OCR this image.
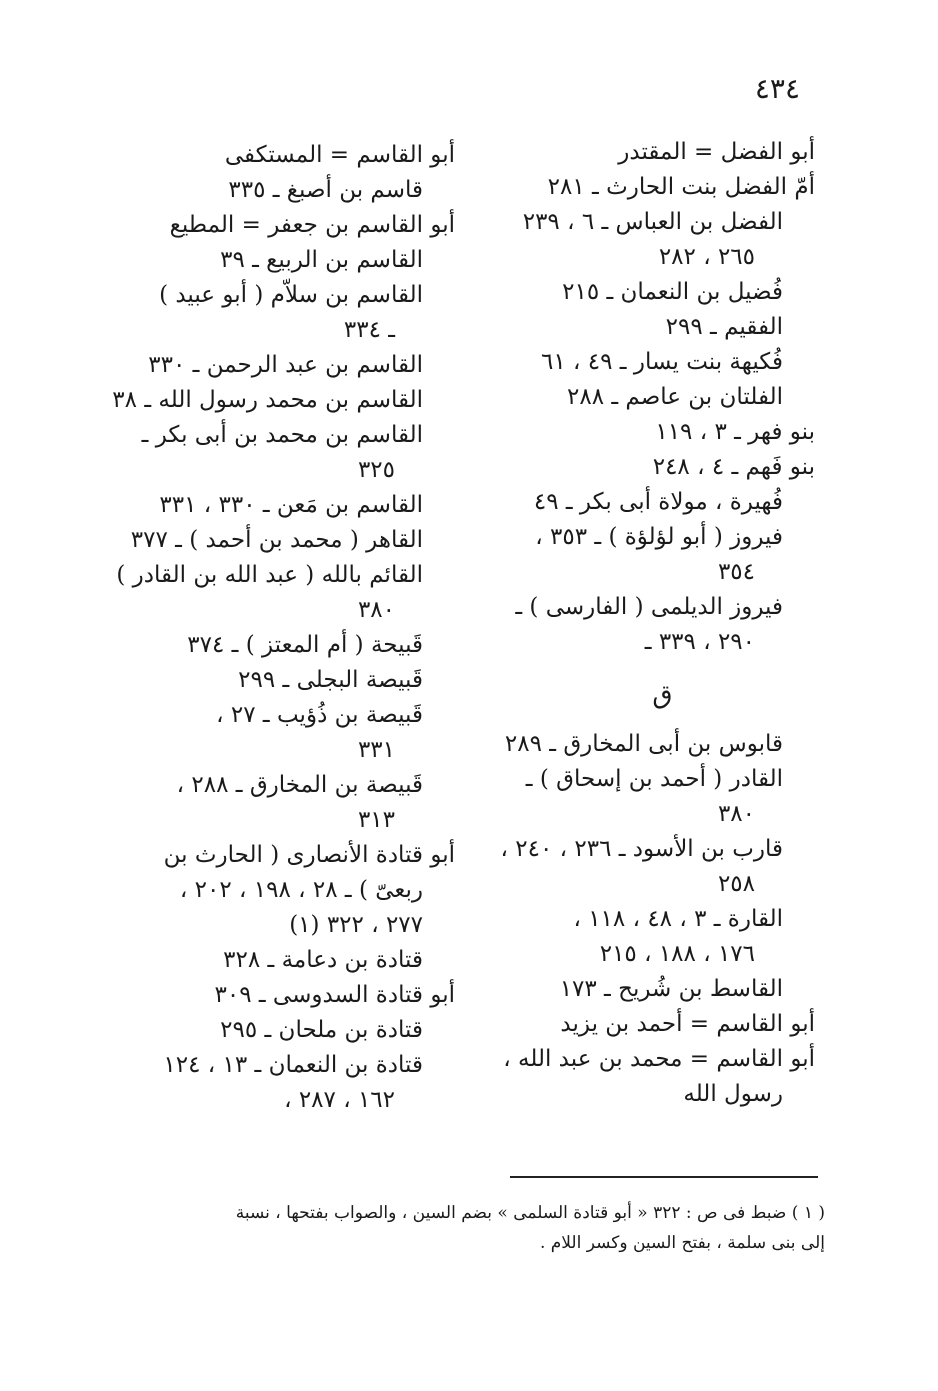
٤٣٤
أبو الفضل = المقتدر
أمّ الفضل بنت الحارث ـ ٢٨١
الفضل بن العباس ـ ٦ ، ٢٣٩
٢٦٥ ، ٢٨٢
فُضيل بن النعمان ـ ٢١٥
الفقيم ـ ٢٩٩
فُكيهة بنت يسار ـ ٤٩ ، ٦١
الفلتان بن عاصم ـ ٢٨٨
بنو فهر ـ ٣ ، ١١٩
بنو فَهم ـ ٤ ، ٢٤٨
فُهيرة ، مولاة أبى بكر ـ ٤٩
فيروز ( أبو لؤلؤة ) ـ ٣٥٣ ،
٣٥٤
فيروز الديلمى ( الفارسى ) ـ
٢٩٠ ، ٣٣٩ ـ
ق
قابوس بن أبى المخارق ـ ٢٨٩
القادر ( أحمد بن إسحاق ) ـ
٣٨٠
قارب بن الأسود ـ ٢٣٦ ، ٢٤٠ ،
٢٥٨
القارة ـ ٣ ، ٤٨ ، ١١٨ ،
١٧٦ ، ١٨٨ ، ٢١٥
القاسط بن شُريح ـ ١٧٣
أبو القاسم = أحمد بن يزيد
أبو القاسم = محمد بن عبد الله ،
رسول الله
أبو القاسم = المستكفى
قاسم بن أصبغ ـ ٣٣٥
أبو القاسم بن جعفر = المطيع
القاسم بن الربيع ـ ٣٩
القاسم بن سلاّم ( أبو عبيد )
ـ ٣٣٤
القاسم بن عبد الرحمن ـ ٣٣٠
القاسم بن محمد رسول الله ـ ٣٨
القاسم بن محمد بن أبى بكر ـ
٣٢٥
القاسم بن مَعن ـ ٣٣٠ ، ٣٣١
القاهر ( محمد بن أحمد ) ـ ٣٧٧
القائم بالله ( عبد الله بن القادر )
٣٨٠
قَبيحة ( أم المعتز ) ـ ٣٧٤
قَبيصة البجلى ـ ٢٩٩
قَبيصة بن ذُؤيب ـ ٢٧ ،
٣٣١
قَبيصة بن المخارق ـ ٢٨٨ ،
٣١٣
أبو قتادة الأنصارى ( الحارث بن
ربعىّ ) ـ ٢٨ ، ١٩٨ ، ٢٠٢ ،
٢٧٧ ، ٣٢٢ (١)
قتادة بن دعامة ـ ٣٢٨
أبو قتادة السدوسى ـ ٣٠٩
قتادة بن ملحان ـ ٢٩٥
قتادة بن النعمان ـ ١٣ ، ١٢٤
١٦٢ ، ٢٨٧ ،
( ١ ) ضبط فى ص : ٣٢٢ « أبو قتادة السلمى » بضم السين ، والصواب بفتحها ، نسبة
إلى بنى سلمة ، بفتح السين وكسر اللام .
